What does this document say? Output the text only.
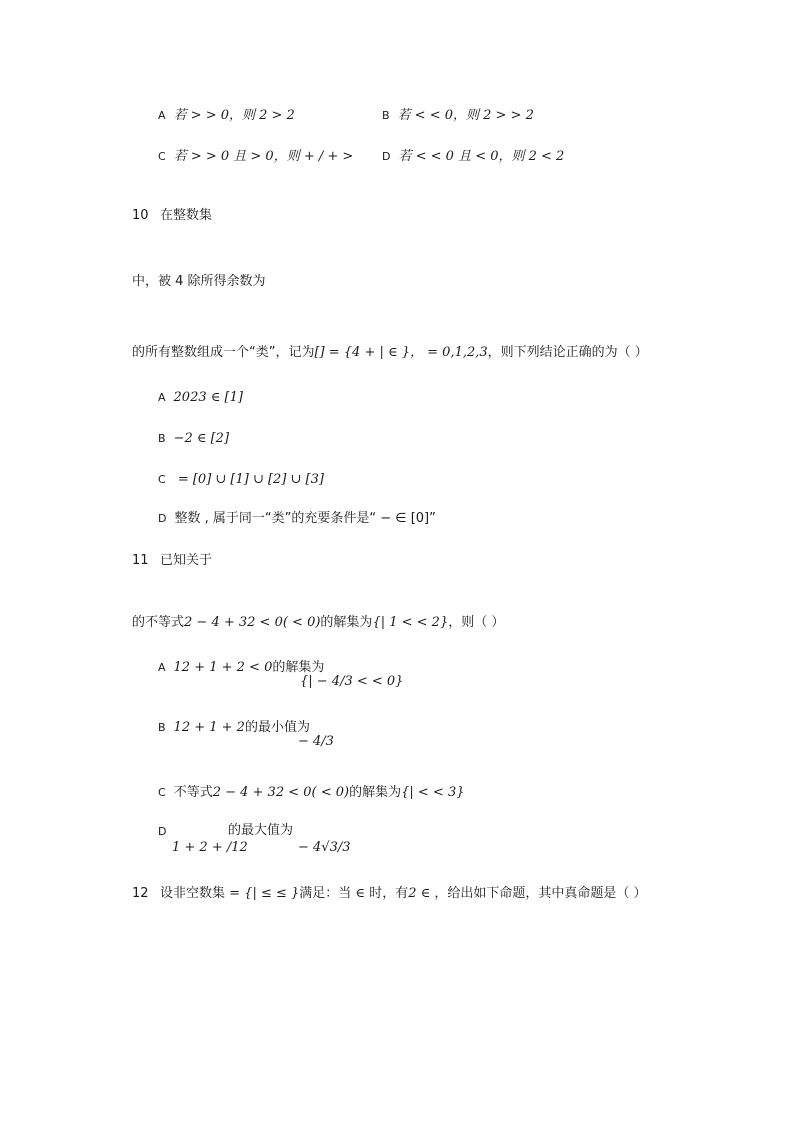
A 若 > > 0，则 2 > 2	B 若 < < 0，则 2 > > 2
C 若 > > 0 且 > 0，则 + / + >	D 若 < < 0 且 < 0，则 2 < 2
10 在整数集
中，被 4 除所得余数为
的所有整数组成一个“类”，记为[] = {4 + | ∈ }， = 0,1,2,3，则下列结论正确的为（ ）
A 2023 ∈ [1]
B −2 ∈ [2]
C = [0] ∪ [1] ∪ [2] ∪ [3]
D 整数 , 属于同一“类”的充要条件是“ − ∈ [0]”
11 已知关于
的不等式2 − 4 + 32 < 0( < 0)的解集为{| 1 < < 2}，则（ ）
A 12 + 1 + 2 < 0的解集为
{| − 4/3 < < 0}
B 12 + 1 + 2的最小值为
− 4/3
C 不等式2 − 4 + 32 < 0( < 0)的解集为{| < < 3}
D
1 + 2 + /12
的最大值为
− 4√3/3
12 设非空数集 = {| ≤ ≤ }满足：当 ∈ 时，有2 ∈ ，给出如下命题，其中真命题是（ ）
